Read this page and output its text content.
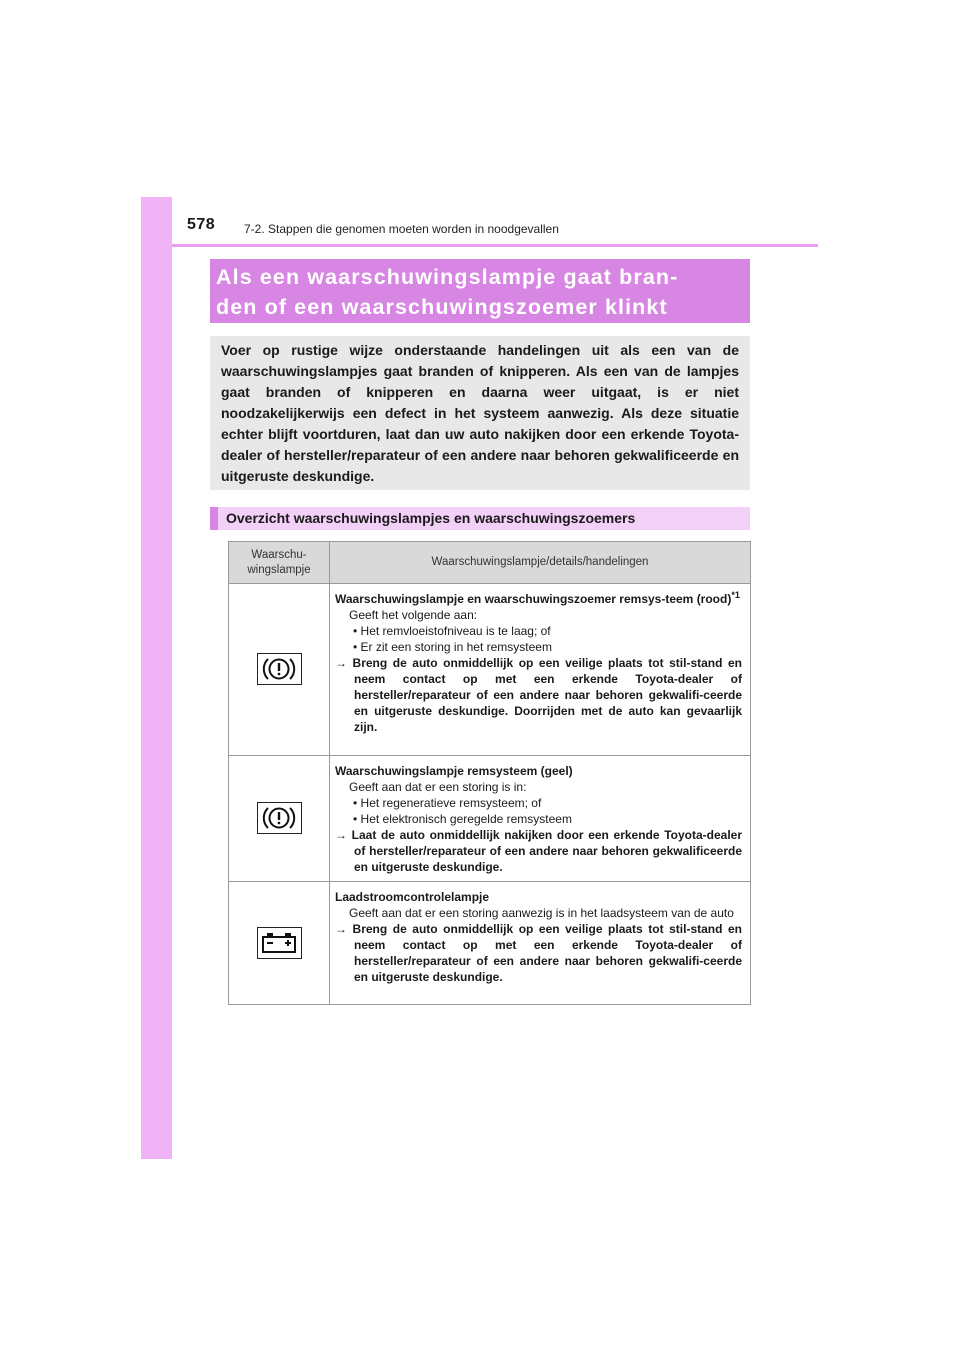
578 7-2. Stappen die genomen moeten worden in noodgevallen
Als een waarschuwingslampje gaat bran-
den of een waarschuwingszoemer klinkt
Voer op rustige wijze onderstaande handelingen uit als een van de waarschuwingslampjes gaat branden of knipperen. Als een van de lampjes gaat branden of knipperen en daarna weer uitgaat, is er niet noodzakelijkerwijs een defect in het systeem aanwezig. Als deze situatie echter blijft voortduren, laat dan uw auto nakijken door een erkende Toyota-dealer of hersteller/reparateur of een andere naar behoren gekwalificeerde en uitgeruste deskundige.
Overzicht waarschuwingslampjes en waarschuwingszoemers
Waarschu-
wingslampje	Waarschuwingslampje/details/handelingen

Waarschuwingslampje en waarschuwingszoemer remsys-teem (rood)$^{*1}$
Geeft het volgende aan:
• Het remvloeistofniveau is te laag; of
• Er zit een storing in het remsysteem
→ Breng de auto onmiddellijk op een veilige plaats tot stil-stand en neem contact op met een erkende Toyota-dealer of hersteller/reparateur of een andere naar behoren gekwalifi-ceerde en uitgeruste deskundige. Doorrijden met de auto kan gevaarlijk zijn.

Waarschuwingslampje remsysteem (geel)
Geeft aan dat er een storing is in:
• Het regeneratieve remsysteem; of
• Het elektronisch geregelde remsysteem
→ Laat de auto onmiddellijk nakijken door een erkende Toyota-dealer of hersteller/reparateur of een andere naar behoren gekwalificeerde en uitgeruste deskundige.

Laadstroomcontrolelampje
Geeft aan dat er een storing aanwezig is in het laadsysteem van de auto
→ Breng de auto onmiddellijk op een veilige plaats tot stil-stand en neem contact op met een erkende Toyota-dealer of hersteller/reparateur of een andere naar behoren gekwalifi-ceerde en uitgeruste deskundige.
